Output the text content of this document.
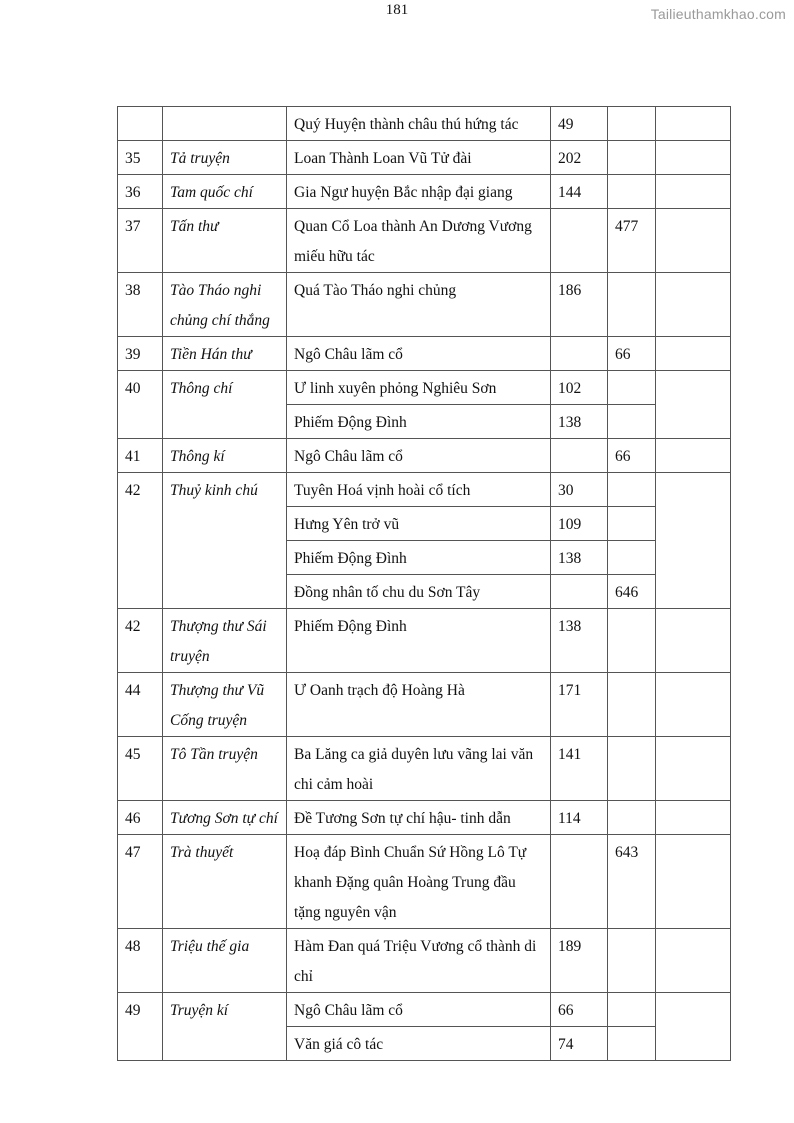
181	Tailieuthamkhao.com
		Quý Huyện thành châu thú hứng tác	49		
35	Tả truyện	Loan Thành Loan Vũ Tử đài	202		
36	Tam quốc chí	Gia Ngư huyện Bắc nhập đại giang	144		
37	Tấn thư	Quan Cổ Loa thành An Dương Vương miếu hữu tác		477	
38	Tào Tháo nghi chủng chí thắng	Quá Tào Tháo nghi chủng	186		
39	Tiền Hán thư	Ngô Châu lãm cổ		66	
40	Thông chí	Ư linh xuyên phỏng Nghiêu Sơn	102		
		Phiếm Động Đình	138		
41	Thông kí	Ngô Châu lãm cổ		66	
42	Thuỷ kinh chú	Tuyên Hoá vịnh hoài cổ tích	30		
		Hưng Yên trở vũ	109		
		Phiếm Động Đình	138		
		Đồng nhân tố chu du Sơn Tây		646	
42	Thượng thư Sái truyện	Phiếm Động Đình	138		
44	Thượng thư Vũ Cống truyện	Ư Oanh trạch độ Hoàng Hà	171		
45	Tô Tần truyện	Ba Lăng ca giả duyên lưu vãng lai văn chi cảm hoài	141		
46	Tương Sơn tự chí	Đề Tương Sơn tự chí hậu- tinh dẫn	114		
47	Trà thuyết	Hoạ đáp Bình Chuẩn Sứ Hồng Lô Tự khanh Đặng quân Hoàng Trung đầu tặng nguyên vận		643	
48	Triệu thế gia	Hàm Đan quá Triệu Vương cổ thành di chỉ	189		
49	Truyện kí	Ngô Châu lãm cổ	66		
		Văn giá cô tác	74		
